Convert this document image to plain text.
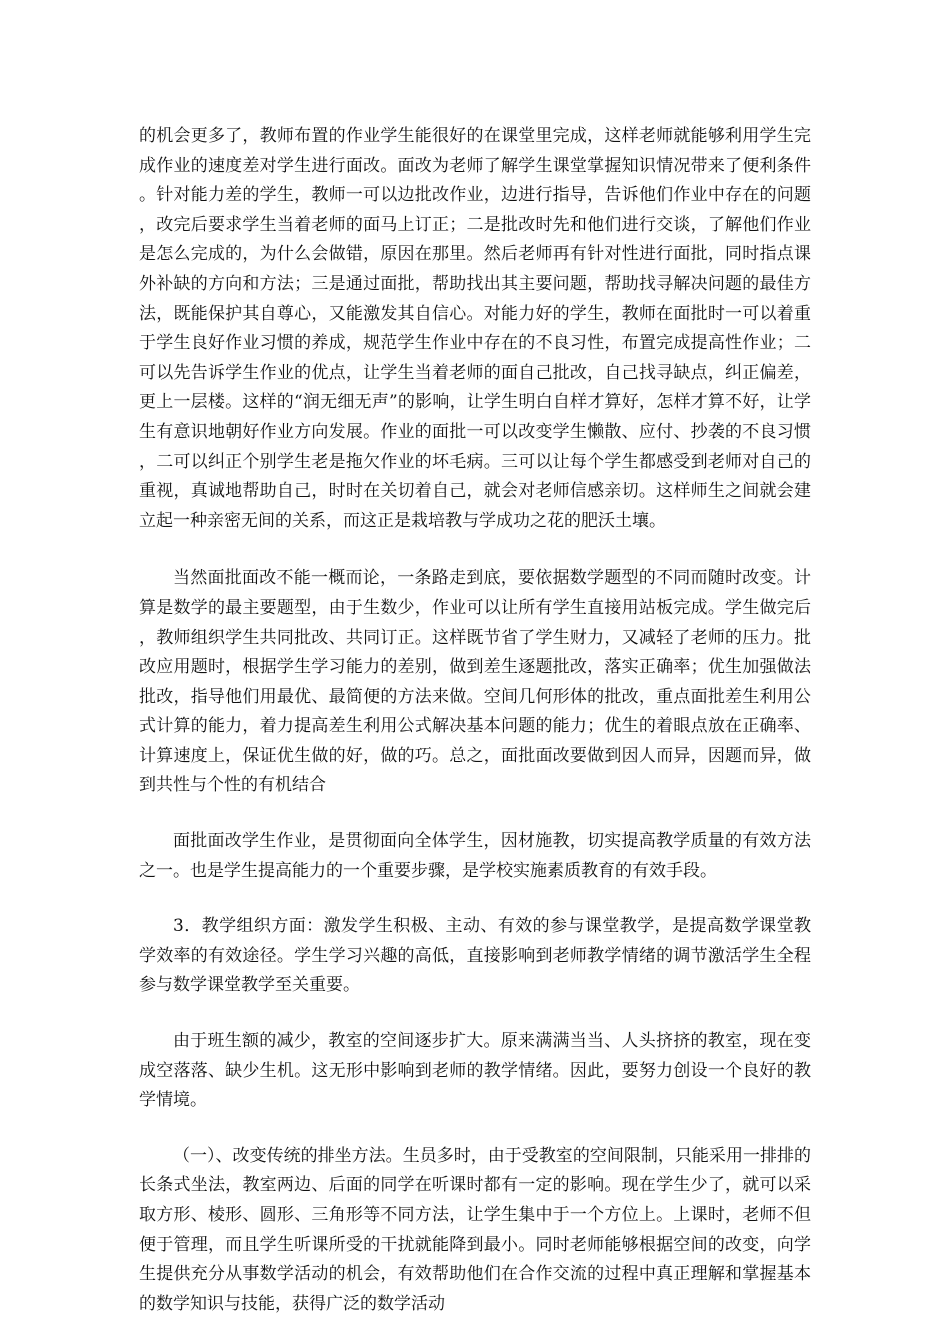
的机会更多了，教师布置的作业学生能很好的在课堂里完成，这样老师就能够利用学生完成作业的速度差对学生进行面改。面改为老师了解学生课堂掌握知识情况带来了便利条件。针对能力差的学生，教师一可以边批改作业，边进行指导，告诉他们作业中存在的问题，改完后要求学生当着老师的面马上订正；二是批改时先和他们进行交谈，了解他们作业是怎么完成的，为什么会做错，原因在那里。然后老师再有针对性进行面批，同时指点课外补缺的方向和方法；三是通过面批，帮助找出其主要问题，帮助找寻解决问题的最佳方法，既能保护其自尊心，又能激发其自信心。对能力好的学生，教师在面批时一可以着重于学生良好作业习惯的养成，规范学生作业中存在的不良习性，布置完成提高性作业；二可以先告诉学生作业的优点，让学生当着老师的面自己批改，自己找寻缺点，纠正偏差，更上一层楼。这样的“润无细无声”的影响，让学生明白自样才算好，怎样才算不好，让学生有意识地朝好作业方向发展。作业的面批一可以改变学生懒散、应付、抄袭的不良习惯，二可以纠正个别学生老是拖欠作业的坏毛病。三可以让每个学生都感受到老师对自己的重视，真诚地帮助自己，时时在关切着自己，就会对老师信感亲切。这样师生之间就会建立起一种亲密无间的关系，而这正是栽培教与学成功之花的肥沃土壤。

当然面批面改不能一概而论，一条路走到底，要依据数学题型的不同而随时改变。计算是数学的最主要题型，由于生数少，作业可以让所有学生直接用站板完成。学生做完后，教师组织学生共同批改、共同订正。这样既节省了学生财力，又减轻了老师的压力。批改应用题时，根据学生学习能力的差别，做到差生逐题批改，落实正确率；优生加强做法批改，指导他们用最优、最简便的方法来做。空间几何形体的批改，重点面批差生利用公式计算的能力，着力提高差生利用公式解决基本问题的能力；优生的着眼点放在正确率、计算速度上，保证优生做的好，做的巧。总之，面批面改要做到因人而异，因题而异，做到共性与个性的有机结合

面批面改学生作业，是贯彻面向全体学生，因材施教，切实提高教学质量的有效方法之一。也是学生提高能力的一个重要步骤，是学校实施素质教育的有效手段。

3．教学组织方面：激发学生积极、主动、有效的参与课堂教学，是提高数学课堂教学效率的有效途径。学生学习兴趣的高低，直接影响到老师教学情绪的调节激活学生全程参与数学课堂教学至关重要。

由于班生额的减少，教室的空间逐步扩大。原来满满当当、人头挤挤的教室，现在变成空落落、缺少生机。这无形中影响到老师的教学情绪。因此，要努力创设一个良好的教学情境。

（一）、改变传统的排坐方法。生员多时，由于受教室的空间限制，只能采用一排排的长条式坐法，教室两边、后面的同学在听课时都有一定的影响。现在学生少了，就可以采取方形、棱形、圆形、三角形等不同方法，让学生集中于一个方位上。上课时，老师不但便于管理，而且学生听课所受的干扰就能降到最小。同时老师能够根据空间的改变，向学生提供充分从事数学活动的机会，有效帮助他们在合作交流的过程中真正理解和掌握基本的数学知识与技能，获得广泛的数学活动
